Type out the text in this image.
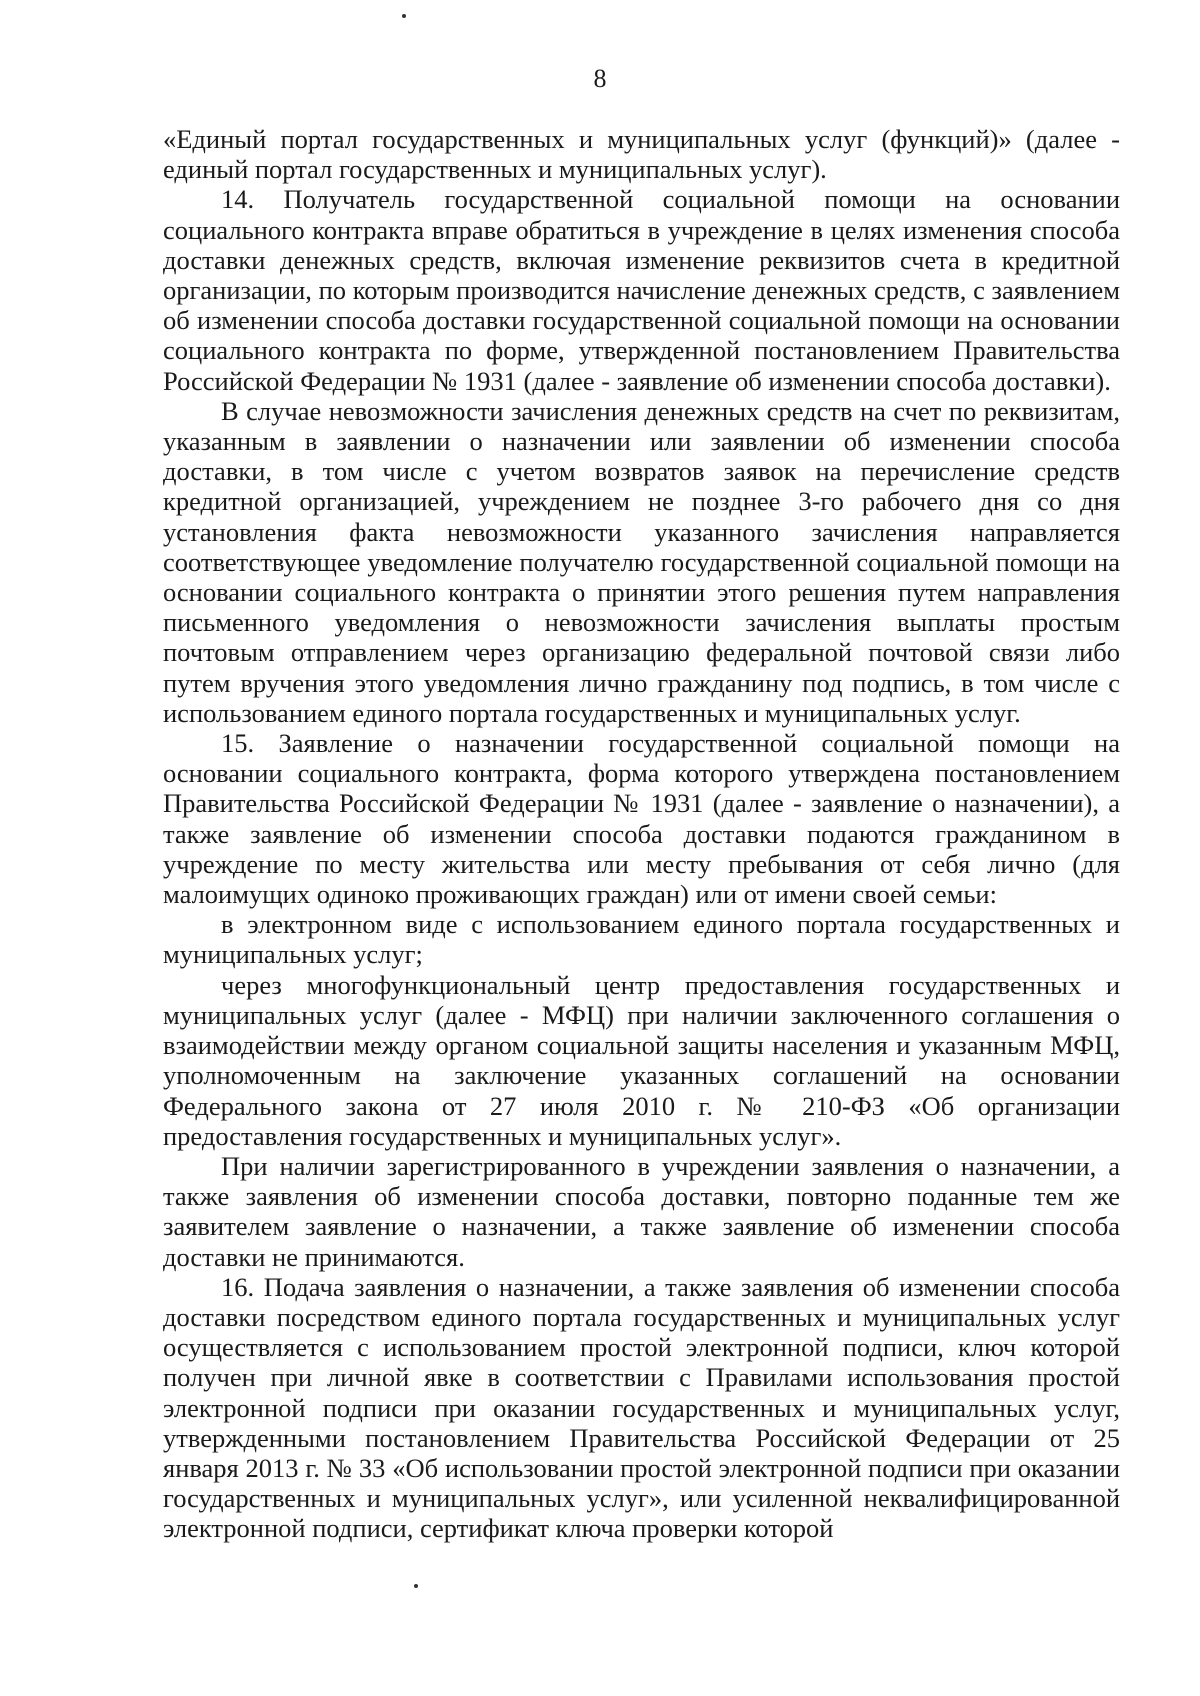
8

«Единый портал государственных и муниципальных услуг (функций)» (далее - единый портал государственных и муниципальных услуг).

14. Получатель государственной социальной помощи на основании социального контракта вправе обратиться в учреждение в целях изменения способа доставки денежных средств, включая изменение реквизитов счета в кредитной организации, по которым производится начисление денежных средств, с заявлением об изменении способа доставки государственной социальной помощи на основании социального контракта по форме, утвержденной постановлением Правительства Российской Федерации № 1931 (далее - заявление об изменении способа доставки).

В случае невозможности зачисления денежных средств на счет по реквизитам, указанным в заявлении о назначении или заявлении об изменении способа доставки, в том числе с учетом возвратов заявок на перечисление средств кредитной организацией, учреждением не позднее 3-го рабочего дня со дня установления факта невозможности указанного зачисления направляется соответствующее уведомление получателю государственной социальной помощи на основании социального контракта о принятии этого решения путем направления письменного уведомления о невозможности зачисления выплаты простым почтовым отправлением через организацию федеральной почтовой связи либо путем вручения этого уведомления лично гражданину под подпись, в том числе с использованием единого портала государственных и муниципальных услуг.

15. Заявление о назначении государственной социальной помощи на основании социального контракта, форма которого утверждена постановлением Правительства Российской Федерации № 1931 (далее - заявление о назначении), а также заявление об изменении способа доставки подаются гражданином в учреждение по месту жительства или месту пребывания от себя лично (для малоимущих одиноко проживающих граждан) или от имени своей семьи:

в электронном виде с использованием единого портала государственных и муниципальных услуг;

через многофункциональный центр предоставления государственных и муниципальных услуг (далее - МФЦ) при наличии заключенного соглашения о взаимодействии между органом социальной защиты населения и указанным МФЦ, уполномоченным на заключение указанных соглашений на основании Федерального закона от 27 июля 2010 г. № 210-ФЗ «Об организации предоставления государственных и муниципальных услуг».

При наличии зарегистрированного в учреждении заявления о назначении, а также заявления об изменении способа доставки, повторно поданные тем же заявителем заявление о назначении, а также заявление об изменении способа доставки не принимаются.

16. Подача заявления о назначении, а также заявления об изменении способа доставки посредством единого портала государственных и муниципальных услуг осуществляется с использованием простой электронной подписи, ключ которой получен при личной явке в соответствии с Правилами использования простой электронной подписи при оказании государственных и муниципальных услуг, утвержденными постановлением Правительства Российской Федерации от 25 января 2013 г. № 33 «Об использовании простой электронной подписи при оказании государственных и муниципальных услуг», или усиленной неквалифицированной электронной подписи, сертификат ключа проверки которой
